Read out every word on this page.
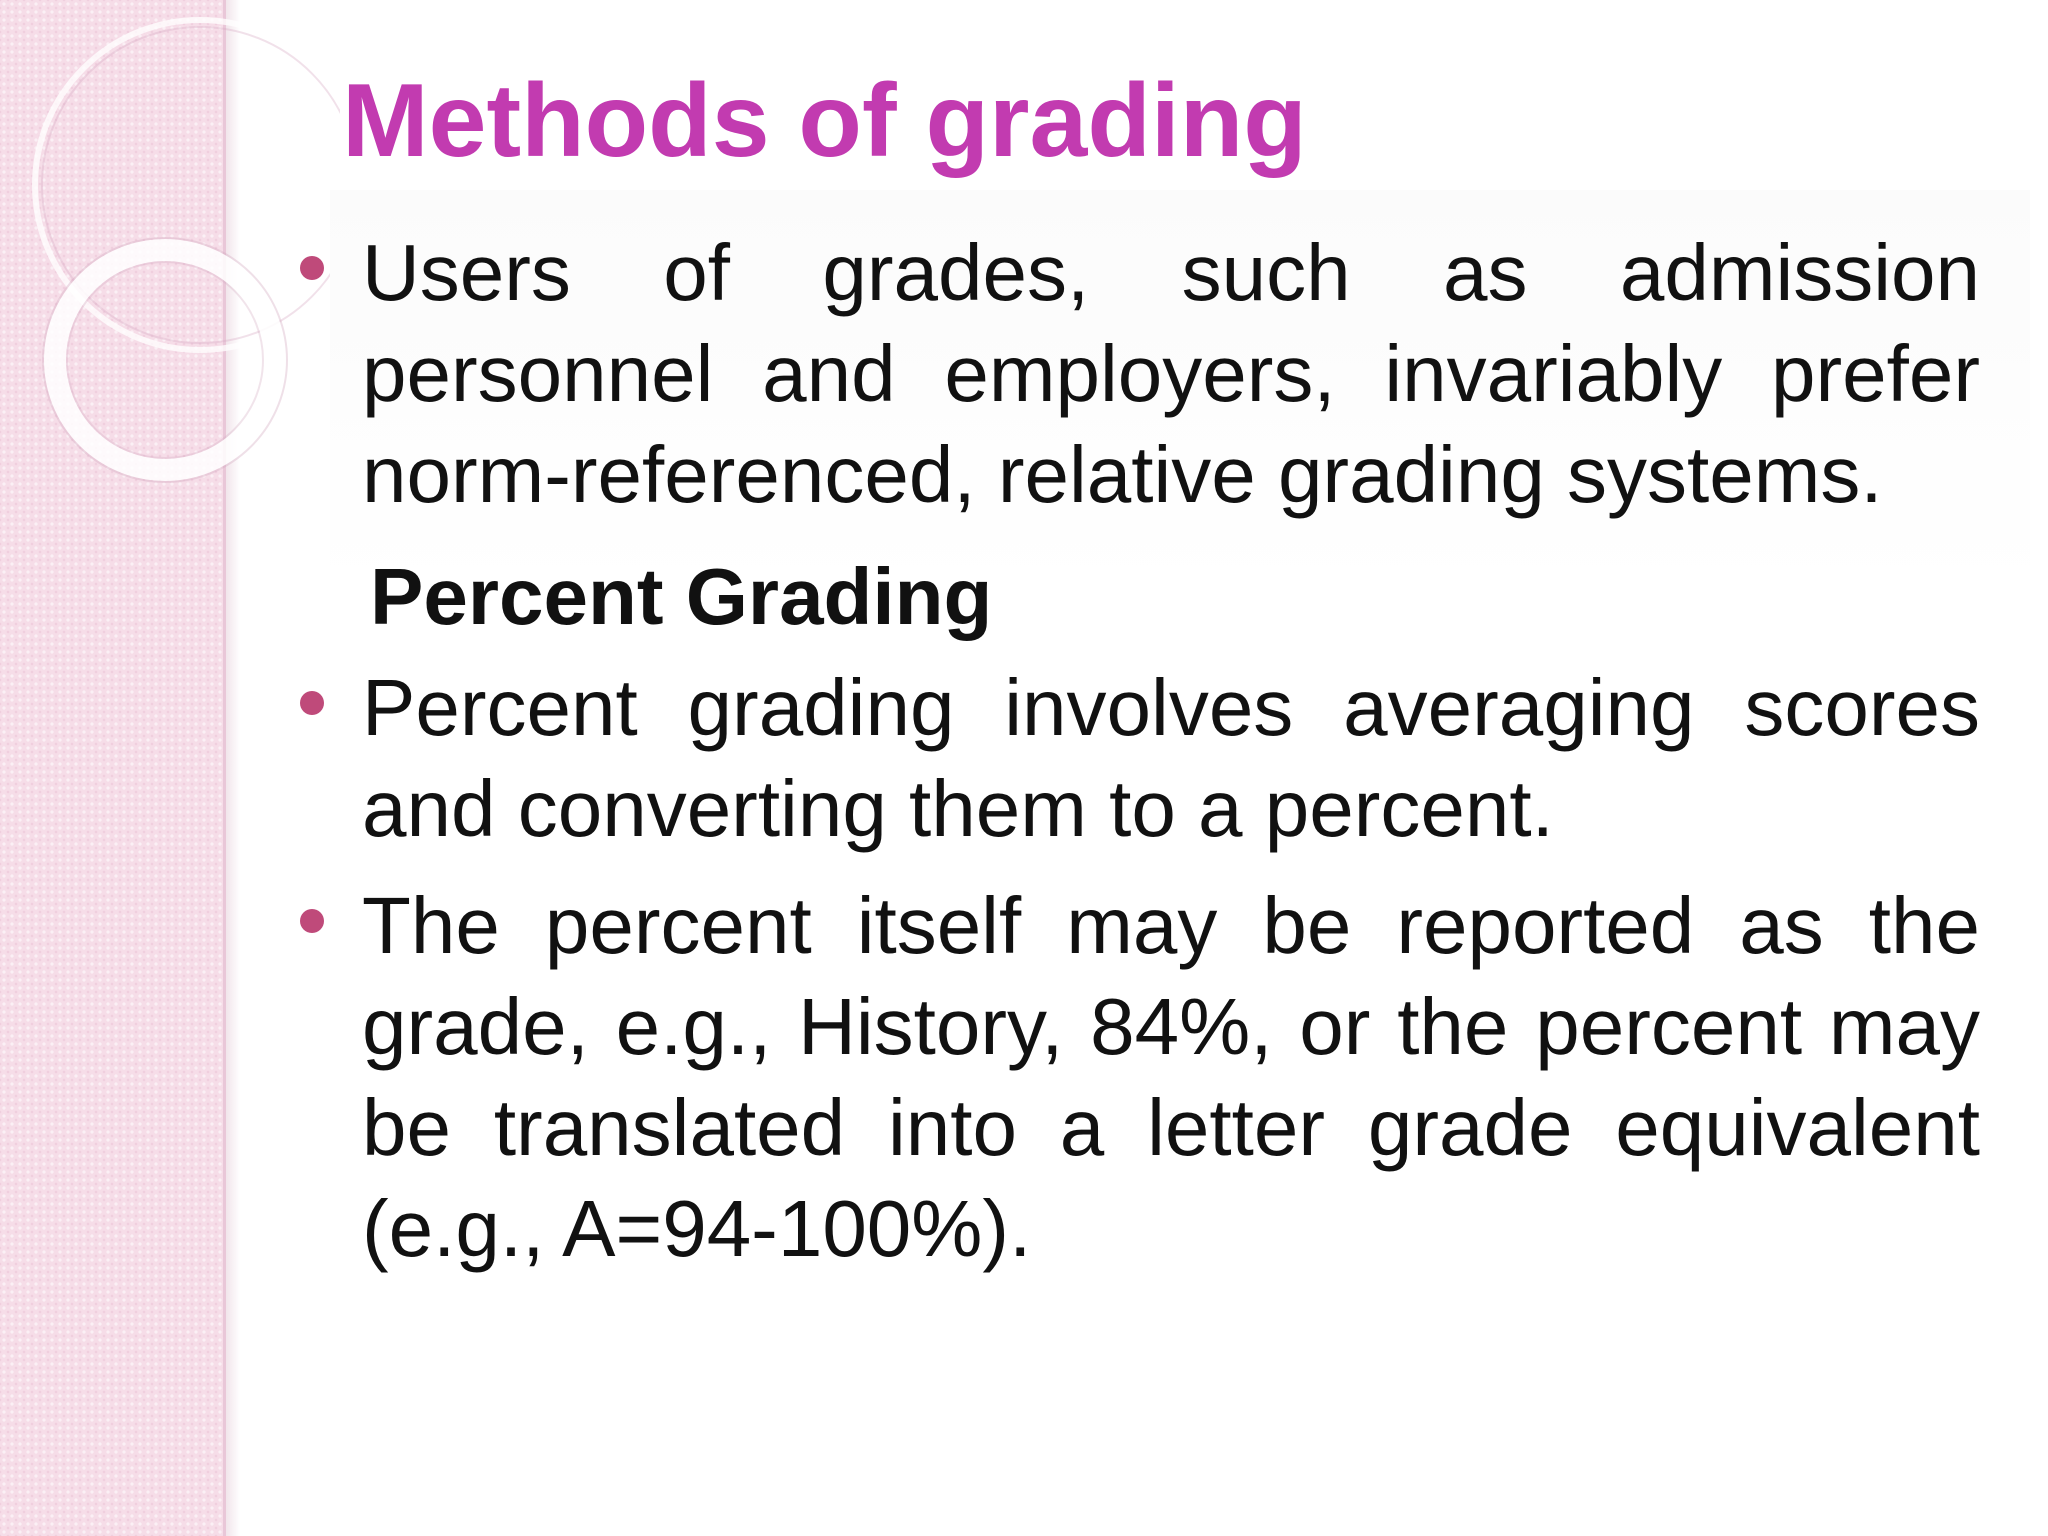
Methods of grading

Users of grades, such as admission personnel and employers, invariably prefer norm-referenced, relative grading systems.

Percent Grading

Percent grading involves averaging scores and converting them to a percent.

The percent itself may be reported as the grade, e.g., History, 84%, or the percent may be translated into a letter grade equivalent (e.g., A=94-100%).
